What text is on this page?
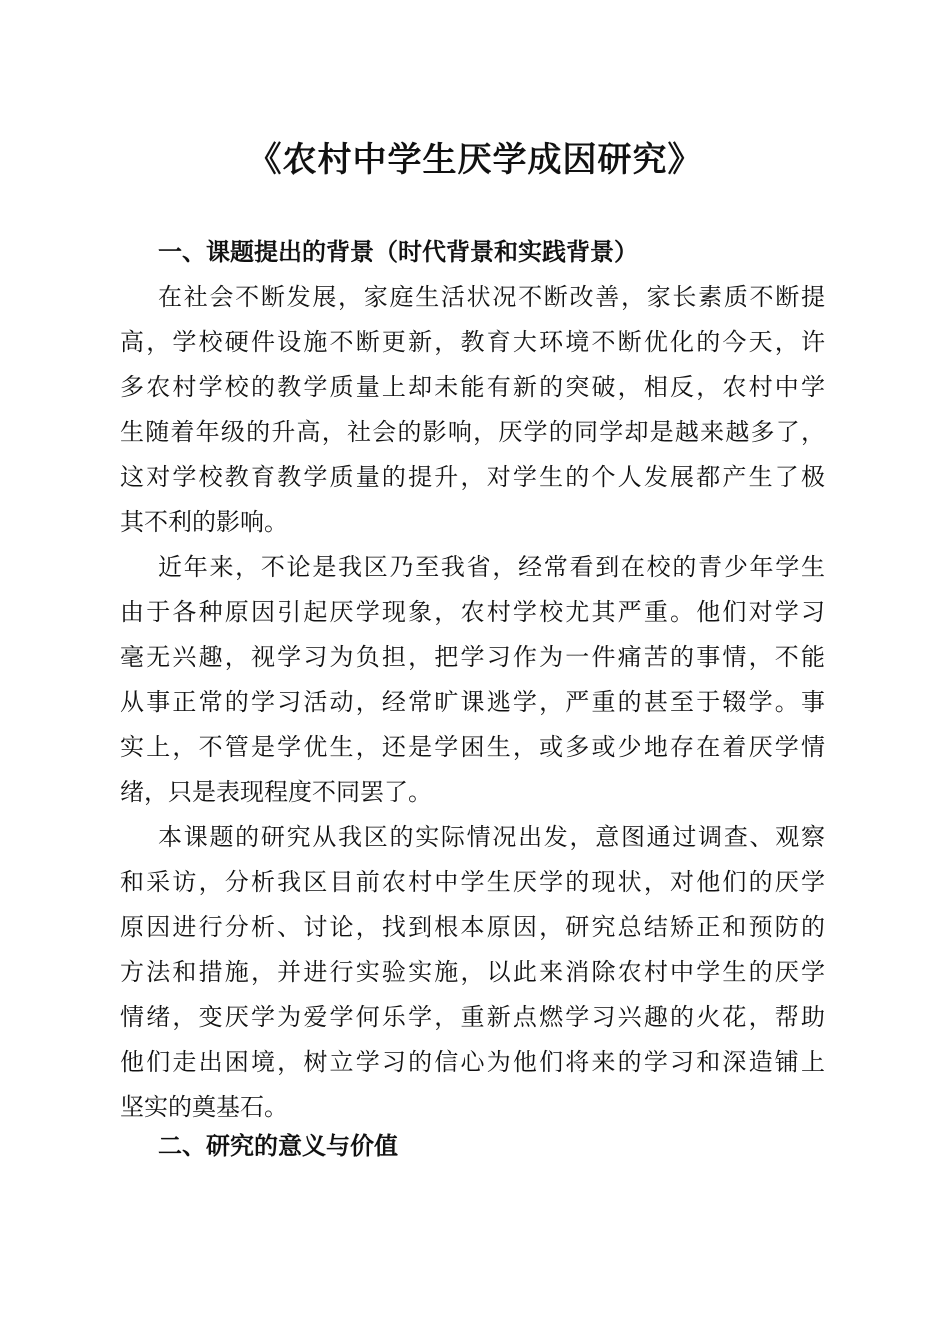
《农村中学生厌学成因研究》
一、课题提出的背景（时代背景和实践背景）
在社会不断发展，家庭生活状况不断改善，家长素质不断提
高，学校硬件设施不断更新，教育大环境不断优化的今天，许
多农村学校的教学质量上却未能有新的突破，相反，农村中学
生随着年级的升高，社会的影响，厌学的同学却是越来越多了，
这对学校教育教学质量的提升，对学生的个人发展都产生了极
其不利的影响。
近年来，不论是我区乃至我省，经常看到在校的青少年学生
由于各种原因引起厌学现象，农村学校尤其严重。他们对学习
毫无兴趣，视学习为负担，把学习作为一件痛苦的事情，不能
从事正常的学习活动，经常旷课逃学，严重的甚至于辍学。事
实上，不管是学优生，还是学困生，或多或少地存在着厌学情
绪，只是表现程度不同罢了。
本课题的研究从我区的实际情况出发，意图通过调查、观察
和采访，分析我区目前农村中学生厌学的现状，对他们的厌学
原因进行分析、讨论，找到根本原因，研究总结矫正和预防的
方法和措施，并进行实验实施，以此来消除农村中学生的厌学
情绪，变厌学为爱学何乐学，重新点燃学习兴趣的火花，帮助
他们走出困境，树立学习的信心为他们将来的学习和深造铺上
坚实的奠基石。
二、研究的意义与价值
